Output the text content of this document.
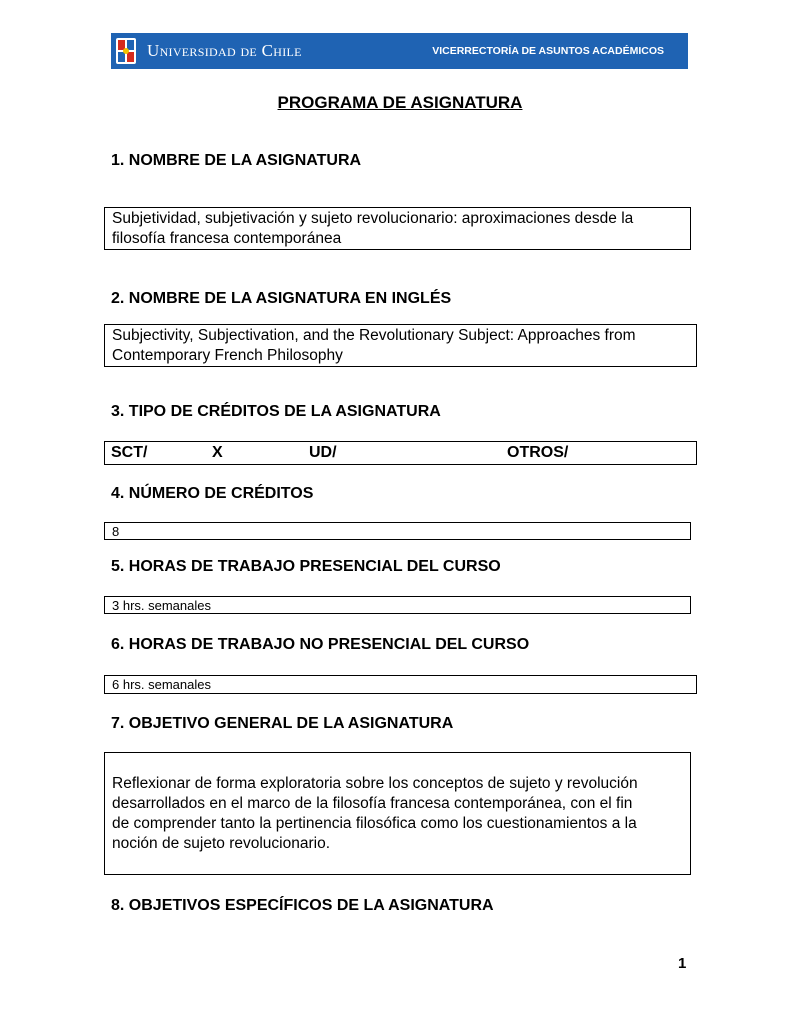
Universidad de Chile	VICERRECTORÍA DE ASUNTOS ACADÉMICOS
PROGRAMA DE ASIGNATURA
1. NOMBRE DE LA ASIGNATURA

Subjetividad, subjetivación y sujeto revolucionario: aproximaciones desde la

filosofía francesa contemporánea

2. NOMBRE DE LA ASIGNATURA EN INGLÉS

Subjectivity, Subjectivation, and the Revolutionary Subject: Approaches from

Contemporary French Philosophy

3. TIPO DE CRÉDITOS DE LA ASIGNATURA
SCT/	X	UD/	OTROS/
4. NÚMERO DE CRÉDITOS

8

5. HORAS DE TRABAJO PRESENCIAL DEL CURSO

3 hrs. semanales

6. HORAS DE TRABAJO NO PRESENCIAL DEL CURSO

6 hrs. semanales

7. OBJETIVO GENERAL DE LA ASIGNATURA

Reflexionar de forma exploratoria sobre los conceptos de sujeto y revolución

desarrollados en el marco de la filosofía francesa contemporánea, con el fin

de comprender tanto la pertinencia filosófica como los cuestionamientos a la

noción de sujeto revolucionario.

8. OBJETIVOS ESPECÍFICOS DE LA ASIGNATURA
1
